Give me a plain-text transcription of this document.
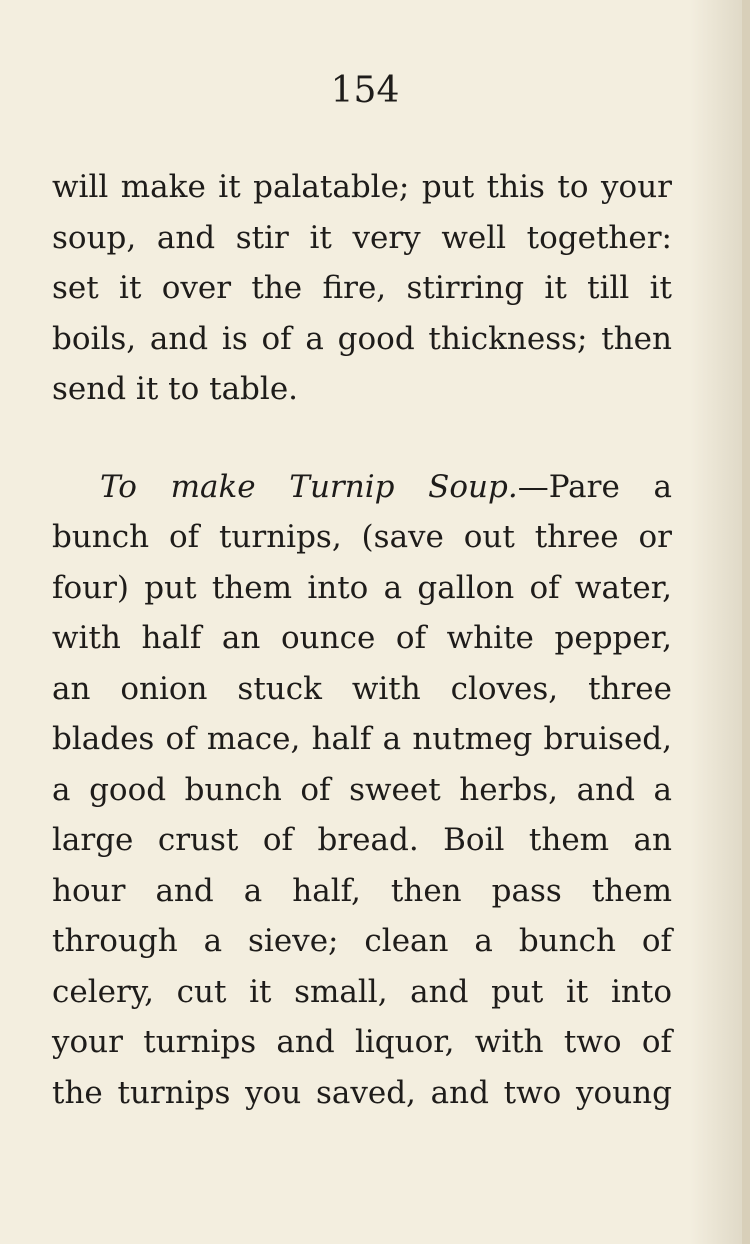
154

will make it palatable; put this to your
soup, and stir it very well together:
set it over the fire, stirring it till it
boils, and is of a good thickness; then
send it to table.
To make Turnip Soup.—Pare a
bunch of turnips, (save out three or
four) put them into a gallon of water,
with half an ounce of white pepper,
an onion stuck with cloves, three
blades of mace, half a nutmeg bruised,
a good bunch of sweet herbs, and a
large crust of bread. Boil them an
hour and a half, then pass them
through a sieve; clean a bunch of
celery, cut it small, and put it into
your turnips and liquor, with two of
the turnips you saved, and two young
